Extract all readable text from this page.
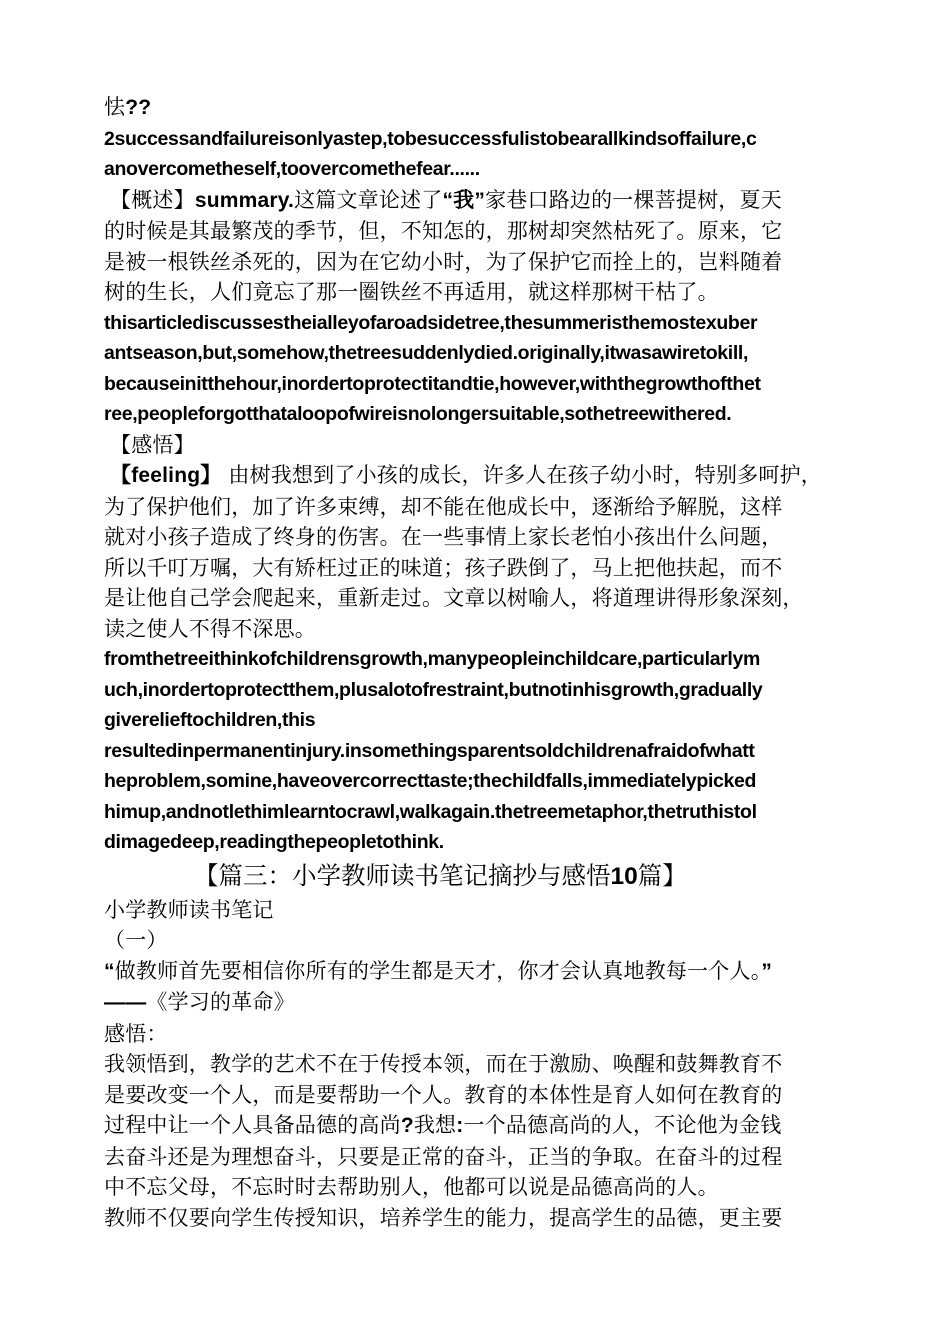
怯??

2successandfailureisonlyastep,tobesuccessfulistobearallkindsoffailure,c

anovercometheself,toovercomethefear......

【概述】summary.这篇文章论述了“我”家巷口路边的一棵菩提树，夏天

的时候是其最繁茂的季节，但，不知怎的，那树却突然枯死了。原来，它

是被一根铁丝杀死的，因为在它幼小时，为了保护它而拴上的，岂料随着

树的生长，人们竟忘了那一圈铁丝不再适用，就这样那树干枯了。

thisarticlediscussestheialleyofaroadsidetree,thesummeristhemostexuber

antseason,but,somehow,thetreesuddenlydied.originally,itwasawiretokill,

becauseinitthehour,inordertoprotectitandtie,however,withthegrowthofthet

ree,peopleforgotthataloopofwireisnolongersuitable,sothetreewithered.

【感悟】

【feeling】 由树我想到了小孩的成长，许多人在孩子幼小时，特别多呵护，

为了保护他们，加了许多束缚，却不能在他成长中，逐渐给予解脱，这样

就对小孩子造成了终身的伤害。在一些事情上家长老怕小孩出什么问题，

所以千叮万嘱，大有矫枉过正的味道；孩子跌倒了，马上把他扶起，而不

是让他自己学会爬起来，重新走过。文章以树喻人，将道理讲得形象深刻，

读之使人不得不深思。

fromthetreeithinkofchildrensgrowth,manypeopleinchildcare,particularlym

uch,inordertoprotectthem,plusalotofrestraint,butnotinhisgrowth,gradually

giverelieftochildren,this

resultedinpermanentinjury.insomethingsparentsoldchildrenafraidofwhatt

heproblem,somine,haveovercorrecttaste;thechildfalls,immediatelypicked

himup,andnotlethimlearntocrawl,walkagain.thetreemetaphor,thetruthistol

dimagedeep,readingthepeopletothink.

【篇三：小学教师读书笔记摘抄与感悟10篇】

小学教师读书笔记

（一）

“做教师首先要相信你所有的学生都是天才，你才会认真地教每一个人。”

——《学习的革命》

感悟：

我领悟到，教学的艺术不在于传授本领，而在于激励、唤醒和鼓舞教育不

是要改变一个人，而是要帮助一个人。教育的本体性是育人如何在教育的

过程中让一个人具备品德的高尚?我想:一个品德高尚的人，不论他为金钱

去奋斗还是为理想奋斗，只要是正常的奋斗，正当的争取。在奋斗的过程

中不忘父母，不忘时时去帮助别人，他都可以说是品德高尚的人。

教师不仅要向学生传授知识，培养学生的能力，提高学生的品德，更主要
